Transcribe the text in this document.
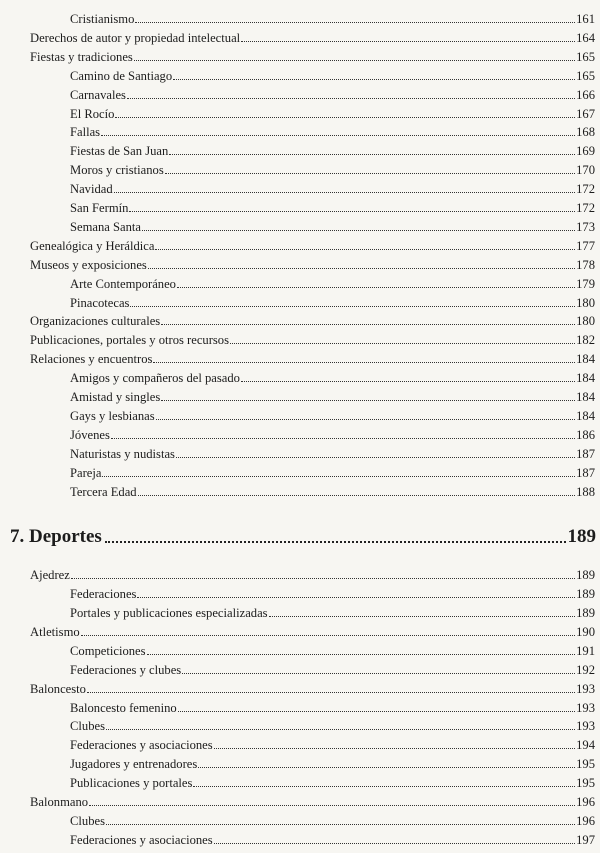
Cristianismo	161
Derechos de autor y propiedad intelectual	164
Fiestas y tradiciones	165
Camino de Santiago	165
Carnavales	166
El Rocío	167
Fallas	168
Fiestas de San Juan	169
Moros y cristianos	170
Navidad	172
San Fermín	172
Semana Santa	173
Genealógica y Heráldica	177
Museos y exposiciones	178
Arte Contemporáneo	179
Pinacotecas	180
Organizaciones culturales	180
Publicaciones, portales y otros recursos	182
Relaciones y encuentros	184
Amigos y compañeros del pasado	184
Amistad y singles	184
Gays y lesbianas	184
Jóvenes	186
Naturistas y nudistas	187
Pareja	187
Tercera Edad	188
7. Deportes	189
Ajedrez	189
Federaciones	189
Portales y publicaciones especializadas	189
Atletismo	190
Competiciones	191
Federaciones y clubes	192
Baloncesto	193
Baloncesto femenino	193
Clubes	193
Federaciones y asociaciones	194
Jugadores y entrenadores	195
Publicaciones y portales	195
Balonmano	196
Clubes	196
Federaciones y asociaciones	197
